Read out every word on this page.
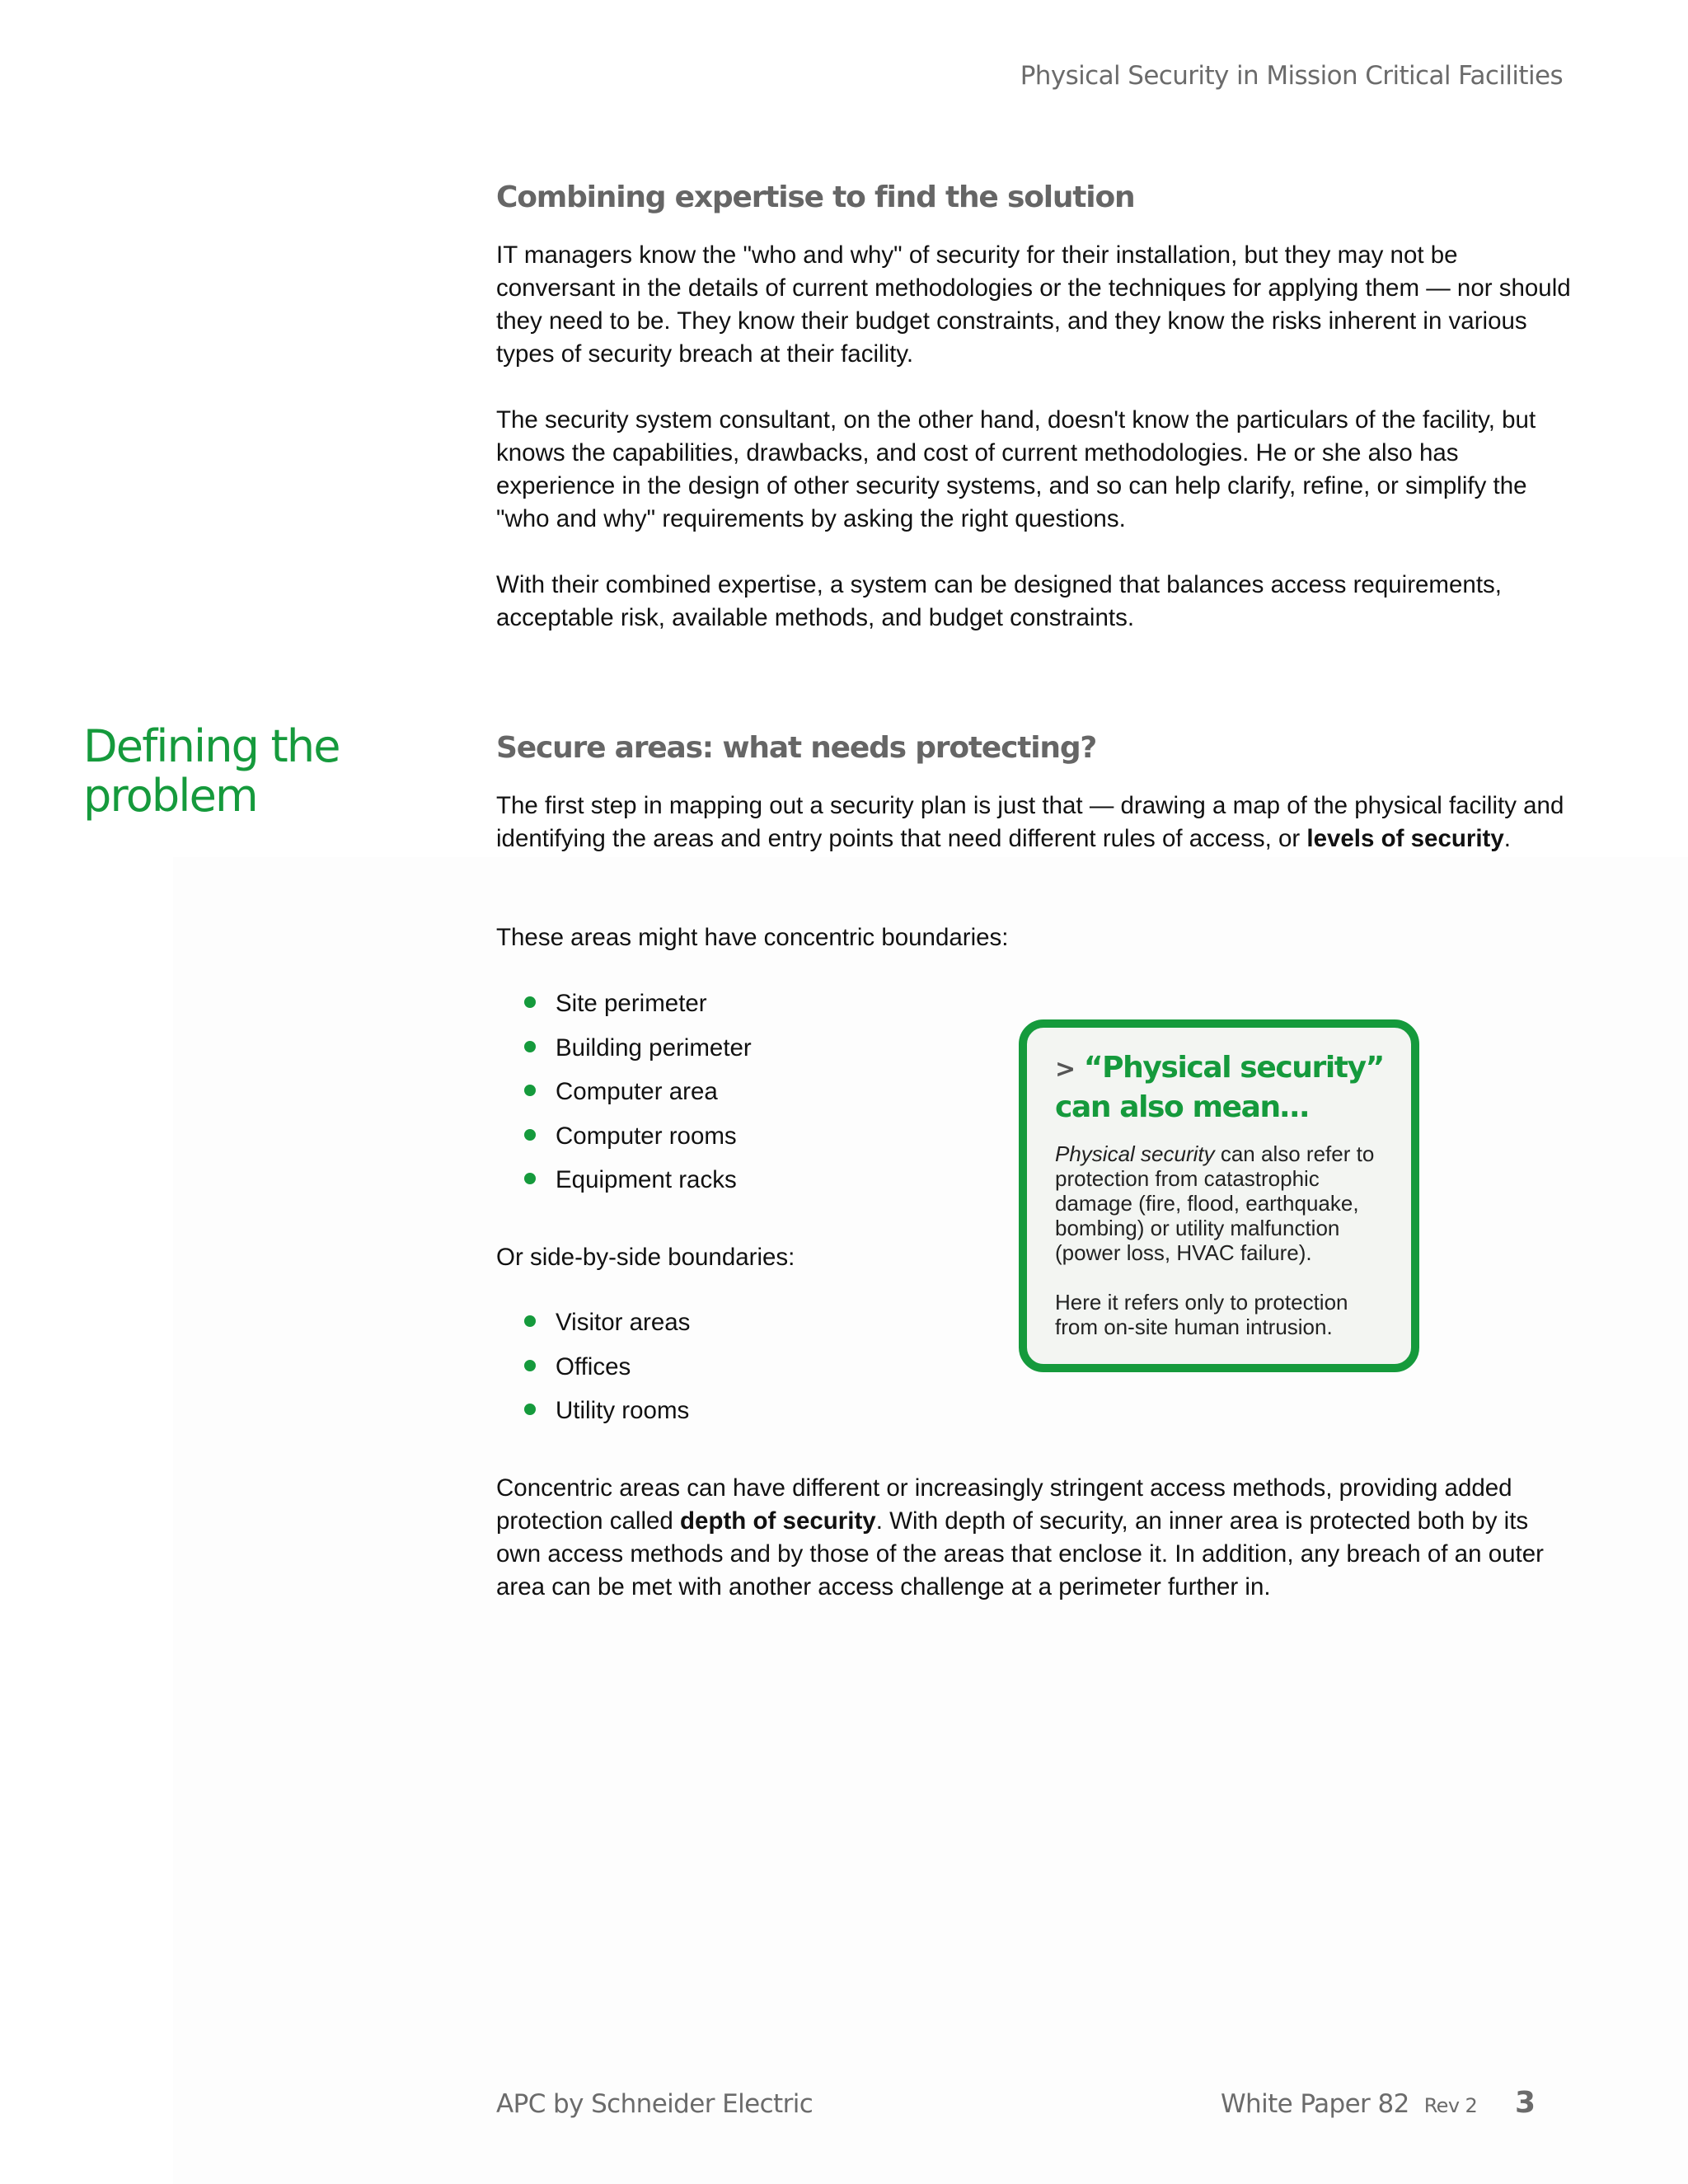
Physical Security in Mission Critical Facilities
Combining expertise to find the solution

IT managers know the "who and why" of security for their installation, but they may not be conversant in the details of current methodologies or the techniques for applying them — nor should they need to be. They know their budget constraints, and they know the risks inherent in various types of security breach at their facility.

The security system consultant, on the other hand, doesn't know the particulars of the facility, but knows the capabilities, drawbacks, and cost of current methodologies. He or she also has experience in the design of other security systems, and so can help clarify, refine, or simplify the "who and why" requirements by asking the right questions.

With their combined expertise, a system can be designed that balances access requirements, acceptable risk, available methods, and budget constraints.

Defining the problem
Secure areas: what needs protecting?

The first step in mapping out a security plan is just that — drawing a map of the physical facility and identifying the areas and entry points that need different rules of access, or levels of security.

These areas might have concentric boundaries:

Site perimeter
Building perimeter
Computer area
Computer rooms
Equipment racks

Or side-by-side boundaries:

Visitor areas
Offices
Utility rooms
> “Physical security”
can also mean…

Physical security can also refer to protection from catastrophic damage (fire, flood, earthquake, bombing) or utility malfunction (power loss, HVAC failure).

Here it refers only to protection from on-site human intrusion.

Concentric areas can have different or increasingly stringent access methods, providing added protection called depth of security. With depth of security, an inner area is protected both by its own access methods and by those of the areas that enclose it. In addition, any breach of an outer area can be met with another access challenge at a perimeter further in.

APC by Schneider Electric	White Paper 82 Rev 2 3
